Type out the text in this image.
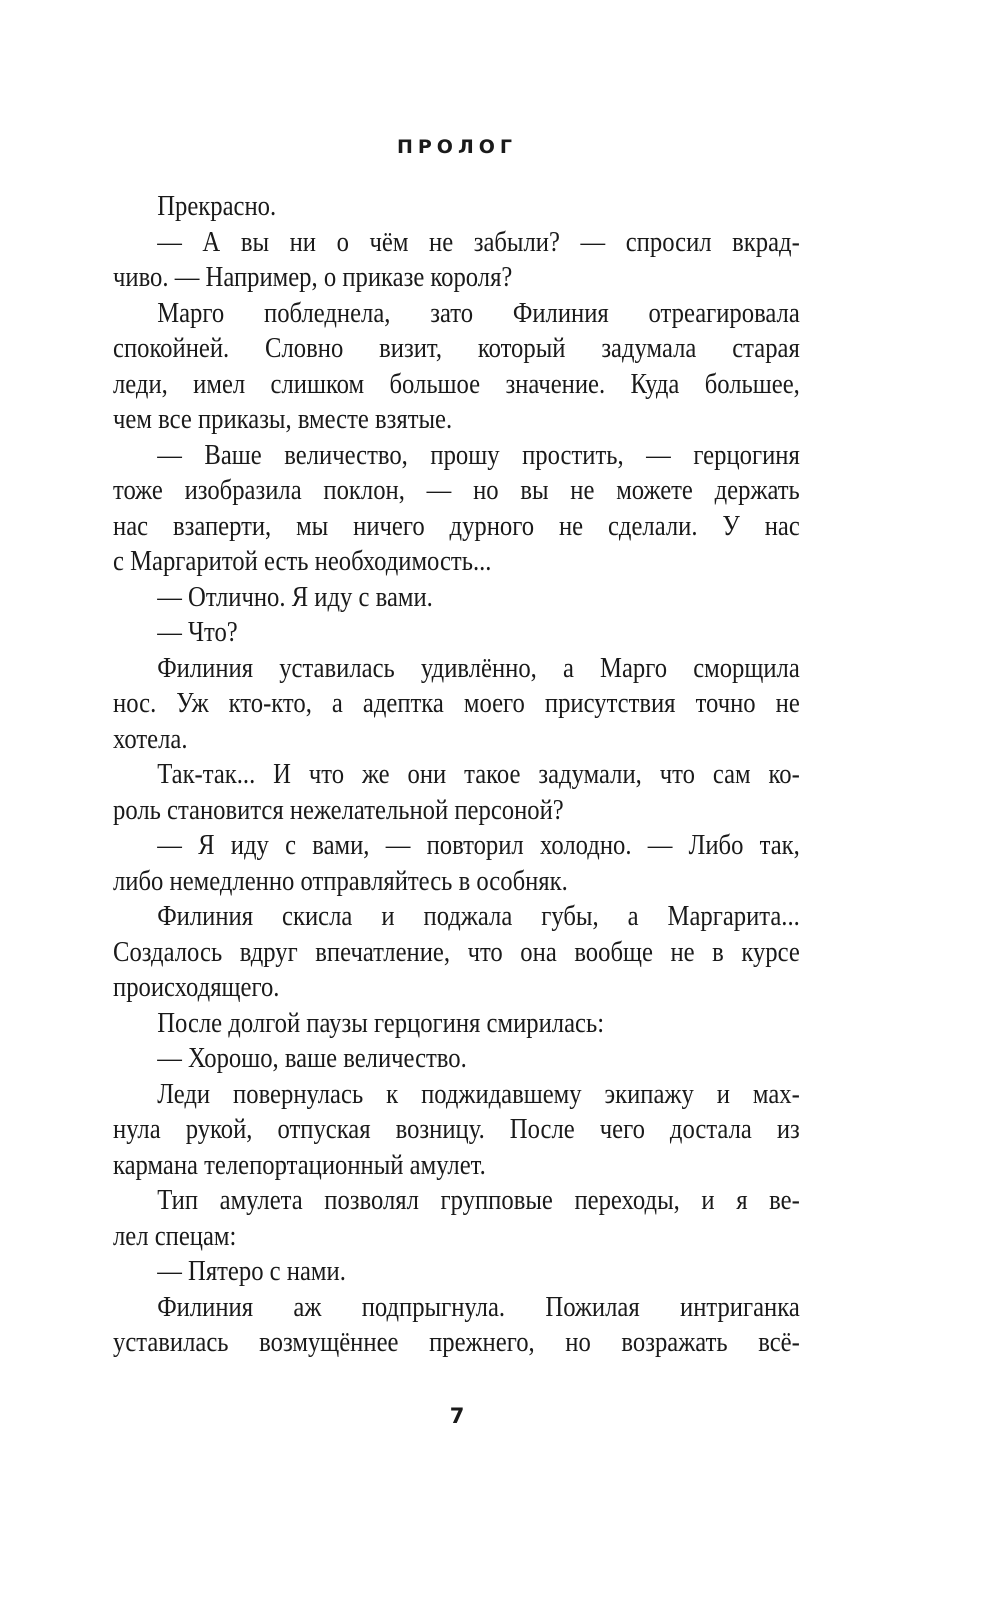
ПРОЛОГ
Прекрасно.
— А вы ни о чём не забыли? — спросил вкрад-
чиво. — Например, о приказе короля?
Марго побледнела, зато Филиния отреагировала
спокойней. Словно визит, который задумала старая
леди, имел слишком большое значение. Куда большее,
чем все приказы, вместе взятые.
— Ваше величество, прошу простить, — герцогиня
тоже изобразила поклон, — но вы не можете держать
нас взаперти, мы ничего дурного не сделали. У нас
с Маргаритой есть необходимость...
— Отлично. Я иду с вами.
— Что?
Филиния уставилась удивлённо, а Марго сморщила
нос. Уж кто-кто, а адептка моего присутствия точно не
хотела.
Так-так... И что же они такое задумали, что сам ко-
роль становится нежелательной персоной?
— Я иду с вами, — повторил холодно. — Либо так,
либо немедленно отправляйтесь в особняк.
Филиния скисла и поджала губы, а Маргарита...
Создалось вдруг впечатление, что она вообще не в курсе
происходящего.
После долгой паузы герцогиня смирилась:
— Хорошо, ваше величество.
Леди повернулась к поджидавшему экипажу и мах-
нула рукой, отпуская возницу. После чего достала из
кармана телепортационный амулет.
Тип амулета позволял групповые переходы, и я ве-
лел спецам:
— Пятеро с нами.
Филиния аж подпрыгнула. Пожилая интриганка
уставилась возмущённее прежнего, но возражать всё-
7
